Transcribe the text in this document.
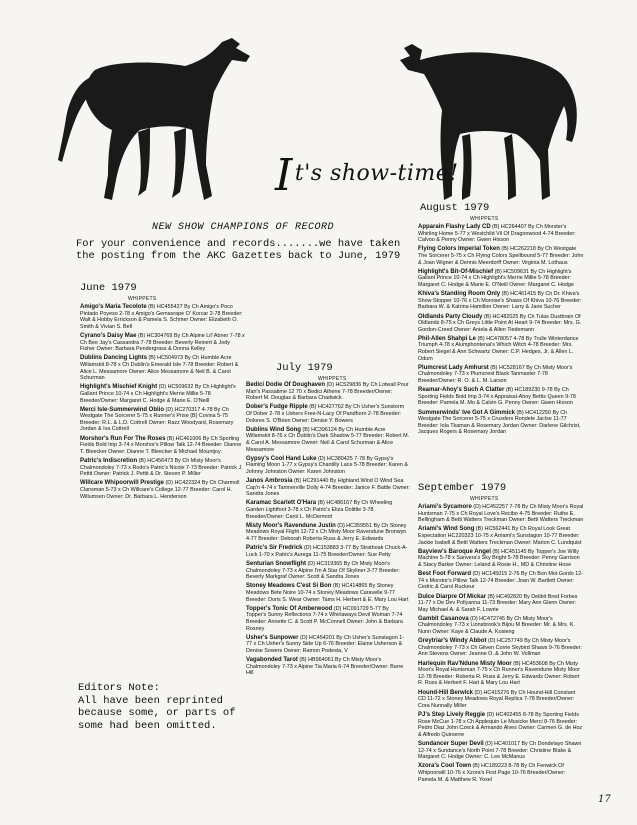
It's show-time!
NEW SHOW CHAMPIONS OF RECORD
For your convenience and records.......we have taken the posting from the AKC Gazettes back to June, 1979
June 1979
WHIPPETS
Amigo's Maria Tecolote (B) HC455427 By Ch Amigo's Poco Pintado Poyeso 2-78 x Amigo's Gemasrape O' Korcar 2-78 Breeder: Walt & Hobby Errickson & Pamela S. Schmer Owner: Elizabeth O. Smith & Vivian S. Bell
Cyrano's Daisy Mae (B) HC304769 By Ch Alpine Lil' Abner 7-78 x Ch Bee Jay's Cassandra 7-78 Breeder: Beverly Reinert & Jody Fisher Owner: Barbara Pendergrass & Donna Kelley
Dublins Dancing Lights (B) HC504973 By Ch Humble Acre Willamskit 8-78 x Ch Dublin's Emerald Isle 7-78 Breeder: Robert & Alice L. Messamore Owner: Alice Messamore & Neil B. & Carol Schurman
Highlight's Mischief Knight (D) HC509632 By Ch Highlight's Gallant Prince 10-74 x Ch Highlight's Merrie Millie 5-78 Breeder/Owner: Margaret C. Hodge & Marie E. O'Neill
Merci Isle-Summerwind Oblio (D) HC270317 4-78 By Ch Westgate The Sorcerer 5-75 x Runner's Prise (B) Covina 5-75 Breeder: R.L. & L.D. Cottrell Owner: Razz Woodyard, Rosemary Jordan & Iva Cottrell
Morshor's Run For The Roses (B) HC461006 By Ch Sporting Fields Bold Imp 3-74 x Morshor's Pillow Talk 12-74 Breeder: Dianne T. Bleecker Owner: Dianne T. Bleecker & Michael Mountjoy
Patric's Indiscretion (B) HC456473 By Ch Misty Moor's Chalmondoley 7-73 x Rodo's Patric's Nicole 7-73 Breeder: Patrick J. Pettit Owner: Patrick J. Pettit & Dr. Steven P. Miller
Willcare Whipoorwill Prestige (D) HC422324 By Ch Charmoll Clansman 5-73 x Ch Willcare's College 12-77 Breeder: Carol H. Willumsen Owner: Dr. Barbara L. Henderson
July 1979
WHIPPETS
Bedici Dodie Of Doughaven (D) HC529836 By Ch Lotwall Pour Man's Passatime 12 70 x Bedici Athene 7-78 Breeder/Owner: Robert M. Douglas & Barbara Chadwick
Dober's Fudge Ripple (B) HC427762 By Ch Usher's Sunstorm Of Dober 2-78 x Ushers Free-N-Lacy Of Pandhorn 2-78 Breeder: Dolores S. O'Brien Owner: Denise Y. Bowers
Dublins Wind Song (B) HC396124 By Ch Humble Acre Willamskit 8-76 x Ch Dublin's Dark Shadow 5-77 Breeder: Robert M. & Carol A. Messamore Owner: Neil & Carol Schurman & Alice Messamore
Gypsy's Cool Hand Luke (D) HC380425 7-78 By Gypsy's Flaming Moon 1-77 x Gypsy's Chantilly Lace 5-78 Breeder: Karen & Johnny Johnston Owner: Karen Johnston
Janos Ambrosia (B) HC291440 By Highland Wind O Wind Sea Cap'n 4-74 x Tanmerville Dolly 4-74 Breeder: Janice F. Battle Owner: Sandra Jones
Karamac Scarlett O'Hara (B) HC486167 By Ch Wheeling Garden Lightfoot 3-78 x Ch Patric's Eliza Dolittle 3-78 Breeder/Owner: Carol L. McDermott
Misty Moor's Ravendune Justin (D) HC359551 By Ch Stoney Meadows Royal Flight 12-72 x Ch Misty Moor Ravendune Bronwyn 4-77 Breeder: Deborah Roberta Russ & Jerry E. Edwards
Patric's Sir Fredrick (D) HC153883 3-77 By Strathoak Chuck-A-Luck 1-70 x Patric's Aurega 11-75 Breeder/Owner: Sue Petty
Senturian Snowflight (D) HC319365 By Ch Misty Moor's Chalmondoley 7-73 x Alpine I'm A Star Of Skyliner 3-77 Breeder: Beverly Markgraf Owner: Scott & Sandra Jones
Stoney Meadows C'est Si Bon (B) HC414865 By Stoney Meadows Bete Noire 10-74 x Stoney Meadows Caravelle 9-77 Breeder: Doris S. Wear Owner: Tams H. Herbert & E. Mary Lou Hart
Topper's Tonic Of Amberwood (D) HC091729 5-77 By Topper's Sunny Reflections 7-74 x Whirlaways Devil Woman 7-74 Breeder: Annette C. & Scott P. McConnell Owner: John & Barbara Rosney
Usher's Sunpower (D) HC454201 By Ch Usher's Sunstagon 1-77 x Ch Usher's Sunny Side Up 6-76 Breeder: Elaine Usherson & Denise Sowers Owner: Ramon Podesta, V
Vagabonded Tarot (B) HB964061 By Ch Misty Moor's Chalmondoley 7-73 x Alpine Tia Maria 6-74 Breeder/Owner: Barre Hill
August 1979
WHIPPETS
Apparain Flashy Lady CD (B) HC264407 By Ch Morster's Whirling Home 5-77 x Westchild Vil Of Dragonwood 4-74 Breeder: Calvoo & Penny Owner: Gwen Hixson
Flying Colors Imperial Token (B) HC262218 By Ch Westgate The Sorcerer 5-75 x Ch Flying Colors Spellbound 5-77 Breeder: John & Joan Wigner & Dennis Meerdorff Owner: Virginia M. Lothaus
Highlight's Bit-Of-Mischief (B) HC509631 By Ch Highlight's Gallant Prince 10-74 x Ch Highlight's Merrie Millie 5-78 Breeder: Margaret C. Hodge & Marie E. O'Neill Owner: Margaret C. Hodge
Khiva's Standing Room Only (B) HC461415 By Ch Dr. Khiva's Show Stopper 10-76 x Ch Moroise's Shaws Of Khiva 10-76 Breeder: Barbara W. & Katrina Hamilton Owner: Larry & Jane Sucher
Oldlands Party Cloudy (B) HC482025 By Ch Tulas Dustbrain Of Oldlands 8-75 x Ch Greys Little Point At Heart 9-74 Breeder: Mrs. G. Gordon-Creed Owner: Aniela & Allen Tiedemann
Phil-Allen Shahpi Le (B) HC478057 4-78 By Trulle Winterdance Triumph 4-78 x Alumphontenai's Which Witch 4-78 Breeder: Mrs. Robert Siegel & Ann Schwartz Owner: C.P. Hedges, Jr. & Allen L. Odum
Plumcrest Lady Amhurst (B) HC528167 By Ch Misty Moor's Chalmondoley 7-73 x Plumcrest Black Tanmaster 7-78 Breeder/Owner: R. O. & L. M. Larson
Reamar-Ahoy's Such A Clatter (B) HC189230 9-78 By Ch Sporting Fields Bold Imp 3-74 x Appraisal-Ahoy Bettis Queen 9-78 Breeder: Pamela M. Mo & Calvin G. Penny Owner: Gwen Hixson
Summerwinds' Ive Got A Gimmick (B) HC412250 By Ch Westgate The Sorcerer 5-75 x Crusders Rondele Jaclse 11-77 Breeder: Iola Tkaman & Rosemary Jordan Owner: Darlene Gilchrist, Jacques Rogers & Rosemary Jordan
September 1979
WHIPPETS
Ariami's Sycamore (D) HC452257 7-78 By Ch Misty Moor's Royal Huntsman 7-75 x Ch Royal Love's Recibo 4-75 Breeder: Ruthe E. Bellingham & Betti Watters Treckman Owner: Betti Watters Treckman
Ariami's Wind Song (B) HC562441 By Ch Royal Look Great Expectation HC220323 10-75 x Arriami's Sunstagon 10-77 Breeder: Jackie Isabell & Betti Watters Treckman Owner: Marion C. Lundquist
Bayview's Baroque Angel (B) HC451145 By Topper's Joe Willy Machine 5-78 x Sanvera's Sky Bright 5-78 Breeder: Penny Garrison & Stacy Barker Owner: Leland & Rosie H., MD & Christine Hose
Best Foot Forward (D) HC145015 2-76 By Ch Bon Mot Gordo 12-74 x Morstor's Pillow Talk 12-74 Breeder: Joan W. Bartlett Owner: Cedric & Carol Ruckeur
Dulce Diarpre Of Mickar (B) HC492820 By Delibit Bred Forbes 11-77 x De Dev Pollyanna 11-73 Breeder: Mary Ann Glenn Owner: May Michael A. & Sarah F. Lowrie
Gambit Casanova (D) HC472745 By Ch Misty Moor's Chalmondoley 7-73 x Lionsbrook's Bijou M Breeder: Mr. & Mrs. K. Nunn Owner: Kaye & Claude A. Kosieng
Greytriar's Windy Abbot (D) HC257749 By Ch Misty Moor's Chalmondoley 7-73 x Ch Gilven Corrie Skybird Shaws 9-76 Breeder: Ann Stevens Owner: Jeanne O. & John W. Vollman
Harlequin Rav'Ndune Misty Moor (B) HC453608 By Ch Misty Moor's Royal Huntsman 7-75 x Ch Runner's Ravendune Misty Moor 12-78 Breeder: Roberta R. Russ & Jerry E. Edwards Owner: Robert R. Russ & Herbert F. Hart & Mary Lou Hart
Hound-Hill Berwick (D) HC415276 By Ch Hound-Hill Constant CD 11-72 x Stoney Meadows Royal Replica 7-78 Breeder/Owner: Cora Nunnally Miller
PJ's Step Lively Reggie (D) HC402455 8-78 By Sporting Fields Rose McCue 1-78 x Ch Applequin Le Musicke Merci 8-76 Breeder: Pedro Diaz John Czeck & Armando Alves Owner: Carmen G. de Hoz & Alfredo Quiroerre
Sundancer Super Devil (D) HC401017 By Ch Dondelayo Shawn 12-74 x Sundance's North Point 7-78 Breeder: Christine Blake & Margaret C. Hodge Owner: C. Lee McManus
Xzora's Cool Town (B) HC189223 8-78 By Ch Fenwick Of Whipoorwill 10-76 x Xzora's First Page 10-76 Breeder/Owner: Pamela M. & Matthew R. Yoxel
Editors Note:
All have been reprinted because some, or parts of some had been omitted.
17
